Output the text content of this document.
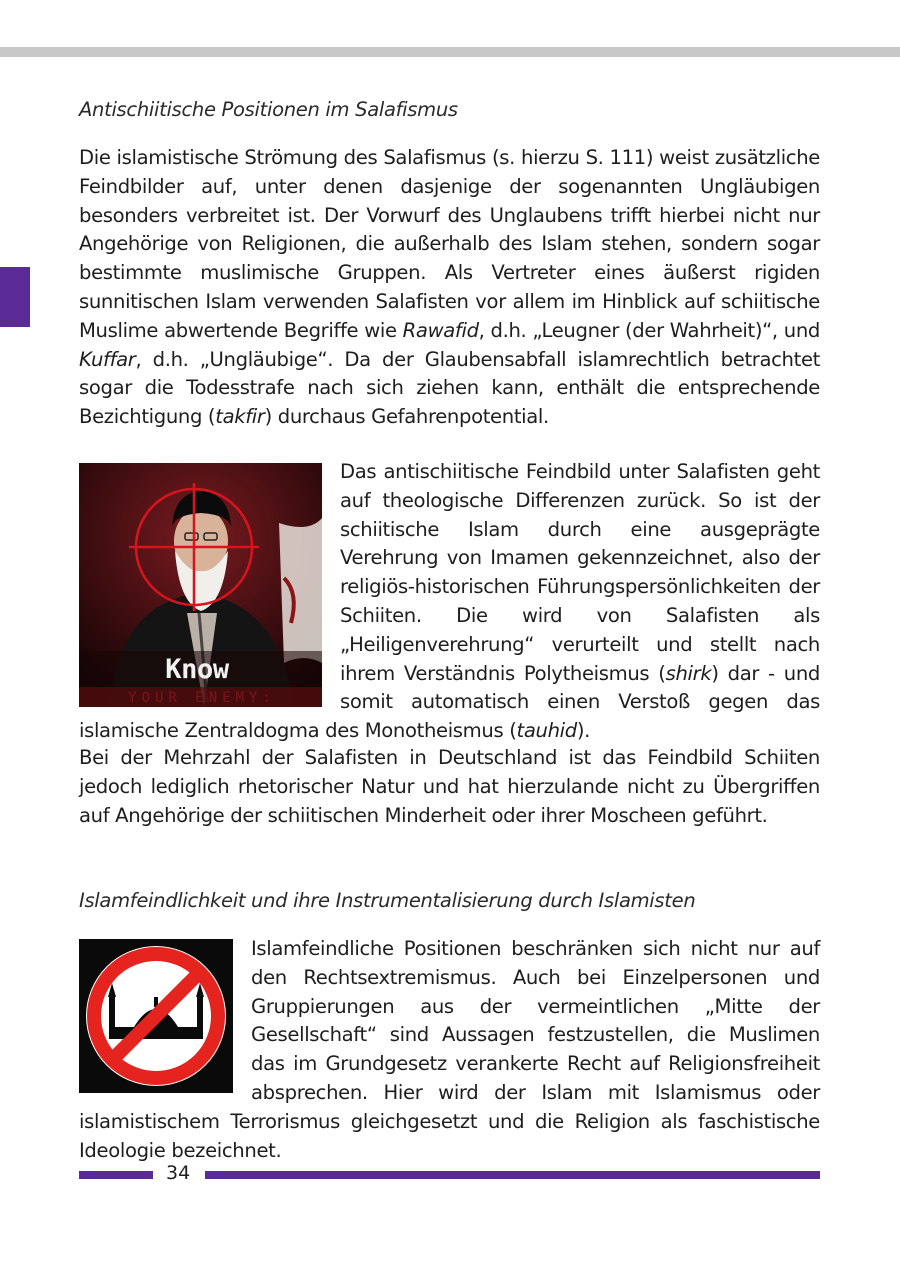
Antischiitische Positionen im Salafismus

Die islamistische Strömung des Salafismus (s. hierzu S. 111) weist zusätzliche Feindbilder auf, unter denen dasjenige der sogenannten Ungläubigen besonders verbreitet ist. Der Vorwurf des Unglaubens trifft hierbei nicht nur Angehörige von Religionen, die außerhalb des Islam stehen, sondern sogar bestimmte muslimische Gruppen. Als Vertreter eines äußerst rigiden sunnitischen Islam verwenden Salafisten vor allem im Hinblick auf schiitische Muslime abwertende Begriffe wie Rawafid, d.h. „Leugner (der Wahrheit)“, und Kuffar, d.h. „Ungläubige“. Da der Glaubensabfall islamrechtlich betrachtet sogar die Todesstrafe nach sich ziehen kann, enthält die entsprechende Bezichtigung (takfir) durchaus Gefahrenpotential.

Know
YOUR ENEMY:
Das antischiitische Feindbild unter Salafisten geht auf theologische Differenzen zurück. So ist der schiitische Islam durch eine ausgeprägte Verehrung von Imamen gekennzeichnet, also der religiös-historischen Führungspersönlichkeiten der Schiiten. Die wird von Salafisten als „Heiligenverehrung“ verurteilt und stellt nach ihrem Verständnis Polytheismus (shirk) dar - und somit automatisch einen Verstoß gegen das islamische Zentraldogma des Monotheismus (tauhid).

Bei der Mehrzahl der Salafisten in Deutschland ist das Feindbild Schiiten jedoch lediglich rhetorischer Natur und hat hierzulande nicht zu Übergriffen auf Angehörige der schiitischen Minderheit oder ihrer Moscheen geführt.

Islamfeindlichkeit und ihre Instrumentalisierung durch Islamisten
Islamfeindliche Positionen beschränken sich nicht nur auf den Rechtsextremismus. Auch bei Einzelpersonen und Gruppierungen aus der vermeintlichen „Mitte der Gesellschaft“ sind Aussagen festzustellen, die Muslimen das im Grundgesetz verankerte Recht auf Religionsfreiheit absprechen. Hier wird der Islam mit Islamismus oder islamistischem Terrorismus gleichgesetzt und die Religion als faschistische Ideologie bezeichnet.
34
